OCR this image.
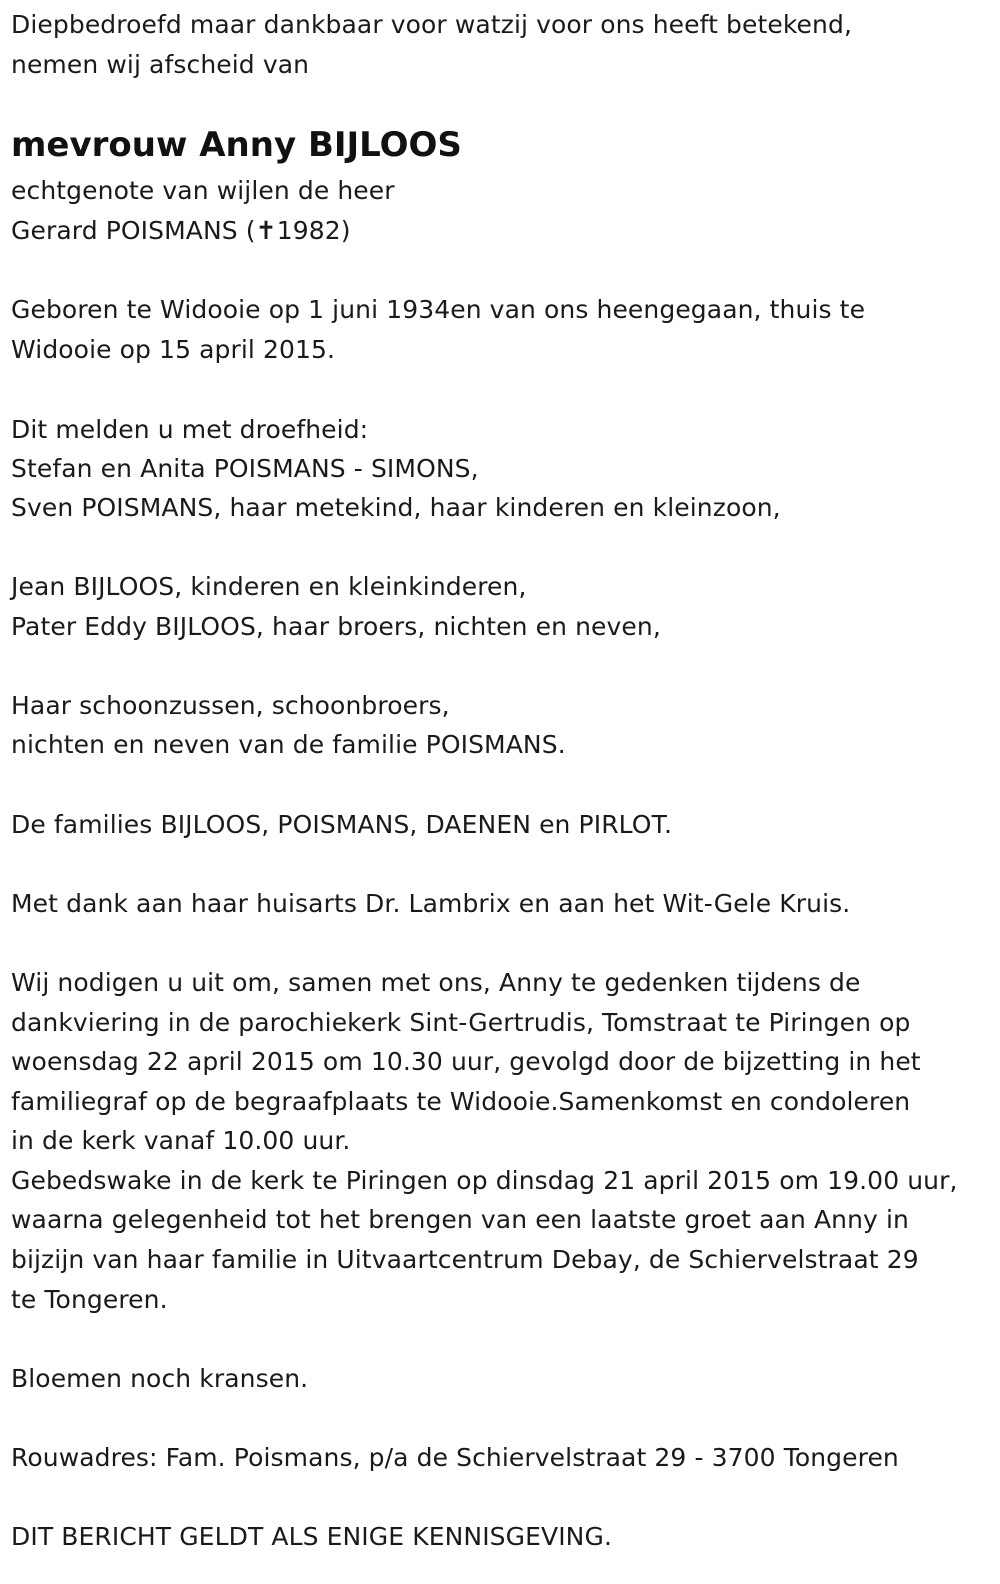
Diepbedroefd maar dankbaar voor watzij voor ons heeft betekend,
nemen wij afscheid van
mevrouw Anny BIJLOOS
echtgenote van wijlen de heer
Gerard POISMANS (✝1982)
Geboren te Widooie op 1 juni 1934en van ons heengegaan, thuis te
Widooie op 15 april 2015.
Dit melden u met droefheid:
Stefan en Anita POISMANS - SIMONS,
Sven POISMANS, haar metekind, haar kinderen en kleinzoon,
Jean BIJLOOS, kinderen en kleinkinderen,
Pater Eddy BIJLOOS, haar broers, nichten en neven,
Haar schoonzussen, schoonbroers,
nichten en neven van de familie POISMANS.
De families BIJLOOS, POISMANS, DAENEN en PIRLOT.
Met dank aan haar huisarts Dr. Lambrix en aan het Wit-Gele Kruis.
Wij nodigen u uit om, samen met ons, Anny te gedenken tijdens de
dankviering in de parochiekerk Sint-Gertrudis, Tomstraat te Piringen op
woensdag 22 april 2015 om 10.30 uur, gevolgd door de bijzetting in het
familiegraf op de begraafplaats te Widooie.Samenkomst en condoleren
in de kerk vanaf 10.00 uur.
Gebedswake in de kerk te Piringen op dinsdag 21 april 2015 om 19.00 uur,
waarna gelegenheid tot het brengen van een laatste groet aan Anny in
bijzijn van haar familie in Uitvaartcentrum Debay, de Schiervelstraat 29
te Tongeren.
Bloemen noch kransen.
Rouwadres: Fam. Poismans, p/a de Schiervelstraat 29 - 3700 Tongeren
DIT BERICHT GELDT ALS ENIGE KENNISGEVING.
